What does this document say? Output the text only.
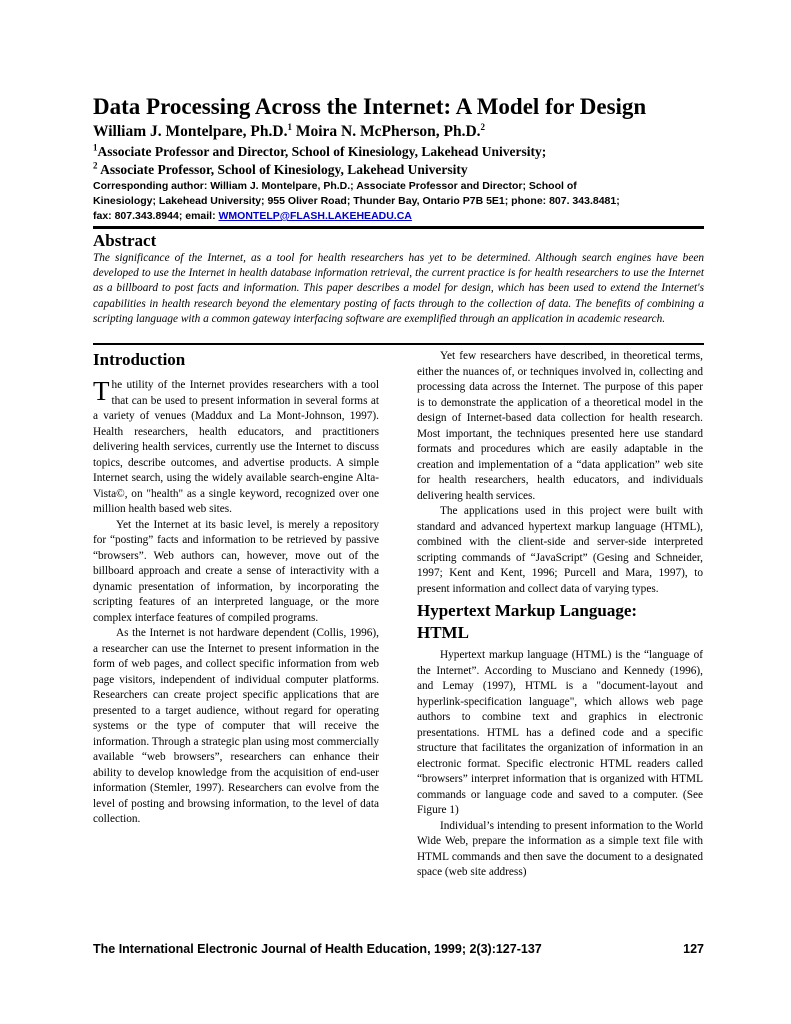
Data Processing Across the Internet: A Model for Design
William J. Montelpare, Ph.D.$^1$ Moira N. McPherson, Ph.D.$^2$
$^1$Associate Professor and Director, School of Kinesiology, Lakehead University;
$^2$ Associate Professor, School of Kinesiology, Lakehead University
Corresponding author: William J. Montelpare, Ph.D.; Associate Professor and Director; School of
Kinesiology; Lakehead University; 955 Oliver Road; Thunder Bay, Ontario P7B 5E1; phone: 807. 343.8481;
fax: 807.343.8944; email: WMONTELP@FLASH.LAKEHEADU.CA
Abstract
The significance of the Internet, as a tool for health researchers has yet to be determined. Although search engines have been developed to use the Internet in health database information retrieval, the current practice is for health researchers to use the Internet as a billboard to post facts and information. This paper describes a model for design, which has been used to extend the Internet's capabilities in health research beyond the elementary posting of facts through to the collection of data. The benefits of combining a scripting language with a common gateway interfacing software are exemplified through an application in academic research.
Introduction

The utility of the Internet provides researchers with a tool that can be used to present information in several forms at a variety of venues (Maddux and La Mont-Johnson, 1997). Health researchers, health educators, and practitioners delivering health services, currently use the Internet to discuss topics, describe outcomes, and advertise products. A simple Internet search, using the widely available search-engine Alta-Vista©, on "health" as a single keyword, recognized over one million health based web sites.

Yet the Internet at its basic level, is merely a repository for “posting” facts and information to be retrieved by passive “browsers”. Web authors can, however, move out of the billboard approach and create a sense of interactivity with a dynamic presentation of information, by incorporating the scripting features of an interpreted language, or the more complex interface features of compiled programs.

As the Internet is not hardware dependent (Collis, 1996), a researcher can use the Internet to present information in the form of web pages, and collect specific information from web page visitors, independent of individual computer platforms. Researchers can create project specific applications that are presented to a target audience, without regard for operating systems or the type of computer that will receive the information. Through a strategic plan using most commercially available “web browsers”, researchers can enhance their ability to develop knowledge from the acquisition of end-user information (Stemler, 1997). Researchers can evolve from the level of posting and browsing information, to the level of data collection.

Yet few researchers have described, in theoretical terms, either the nuances of, or techniques involved in, collecting and processing data across the Internet. The purpose of this paper is to demonstrate the application of a theoretical model in the design of Internet-based data collection for health research. Most important, the techniques presented here use standard formats and procedures which are easily adaptable in the creation and implementation of a “data application” web site for health researchers, health educators, and individuals delivering health services.

The applications used in this project were built with standard and advanced hypertext markup language (HTML), combined with the client-side and server-side interpreted scripting commands of “JavaScript” (Gesing and Schneider, 1997; Kent and Kent, 1996; Purcell and Mara, 1997), to present information and collect data of varying types.

Hypertext Markup Language:
HTML

Hypertext markup language (HTML) is the “language of the Internet”. According to Musciano and Kennedy (1996), and Lemay (1997), HTML is a "document-layout and hyperlink-specification language", which allows web page authors to combine text and graphics in electronic presentations. HTML has a defined code and a specific structure that facilitates the organization of information in an electronic format. Specific electronic HTML readers called “browsers” interpret information that is organized with HTML commands or language code and saved to a computer. (See Figure 1)

Individual’s intending to present information to the World Wide Web, prepare the information as a simple text file with HTML commands and then save the document to a designated space (web site address)

The International Electronic Journal of Health Education, 1999; 2(3):127-137	127
